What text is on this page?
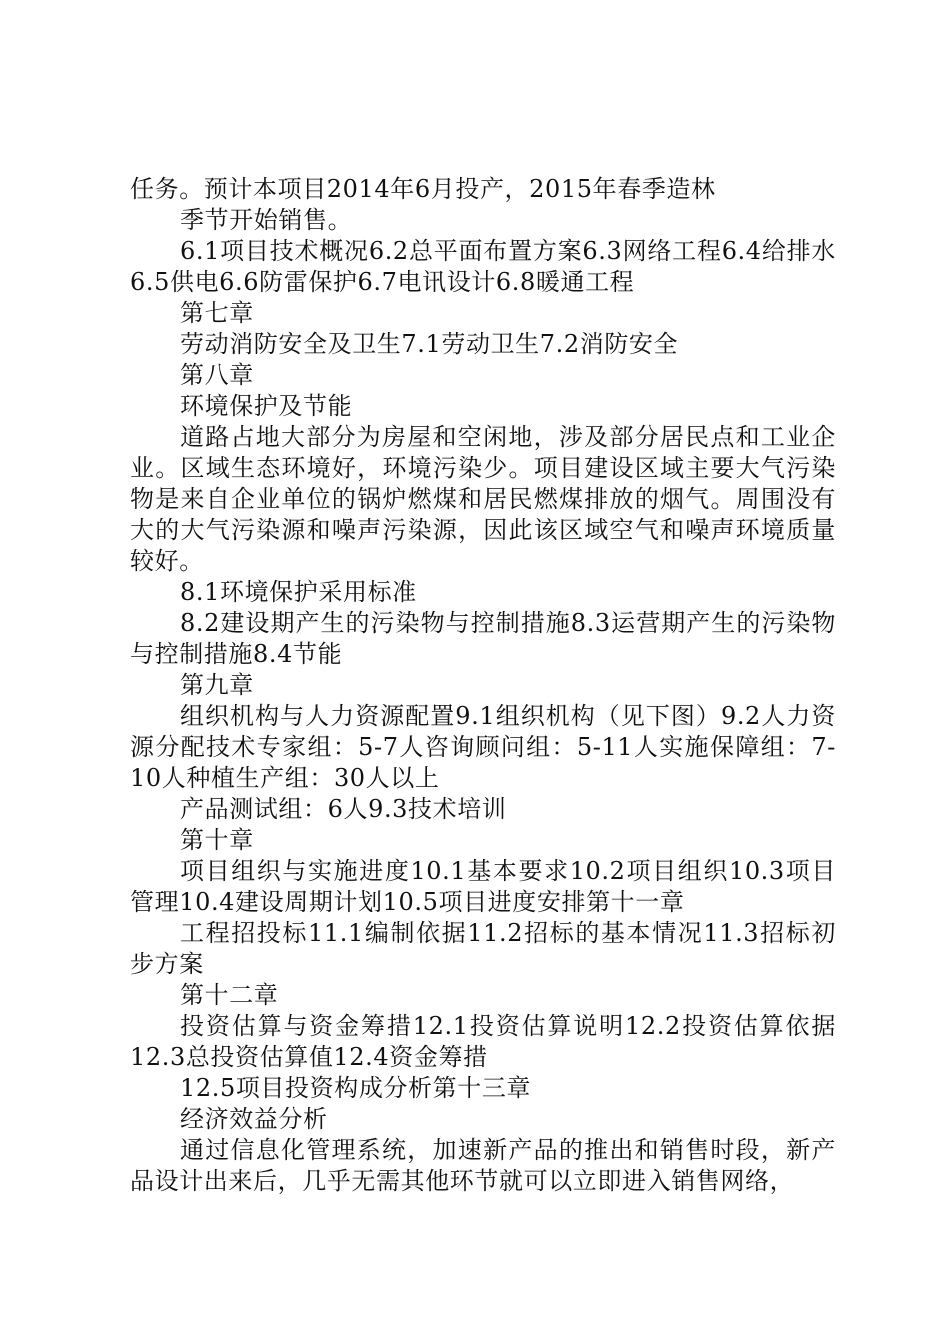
任务。预计本项目2014年6月投产，2015年春季造林

季节开始销售。

6.1项目技术概况6.2总平面布置方案6.3网络工程6.4给排水6.5供电6.6防雷保护6.7电讯设计6.8暖通工程

第七章

劳动消防安全及卫生7.1劳动卫生7.2消防安全

第八章

环境保护及节能

道路占地大部分为房屋和空闲地，涉及部分居民点和工业企业。区域生态环境好，环境污染少。项目建设区域主要大气污染物是来自企业单位的锅炉燃煤和居民燃煤排放的烟气。周围没有大的大气污染源和噪声污染源，因此该区域空气和噪声环境质量较好。

8.1环境保护采用标准

8.2建设期产生的污染物与控制措施8.3运营期产生的污染物与控制措施8.4节能

第九章

组织机构与人力资源配置9.1组织机构（见下图）9.2人力资源分配技术专家组：5-7人咨询顾问组：5-11人实施保障组：7-10人种植生产组：30人以上

产品测试组：6人9.3技术培训

第十章

项目组织与实施进度10.1基本要求10.2项目组织10.3项目管理10.4建设周期计划10.5项目进度安排第十一章

工程招投标11.1编制依据11.2招标的基本情况11.3招标初步方案

第十二章

投资估算与资金筹措12.1投资估算说明12.2投资估算依据12.3总投资估算值12.4资金筹措

12.5项目投资构成分析第十三章

经济效益分析

通过信息化管理系统，加速新产品的推出和销售时段，新产品设计出来后，几乎无需其他环节就可以立即进入销售网络，
